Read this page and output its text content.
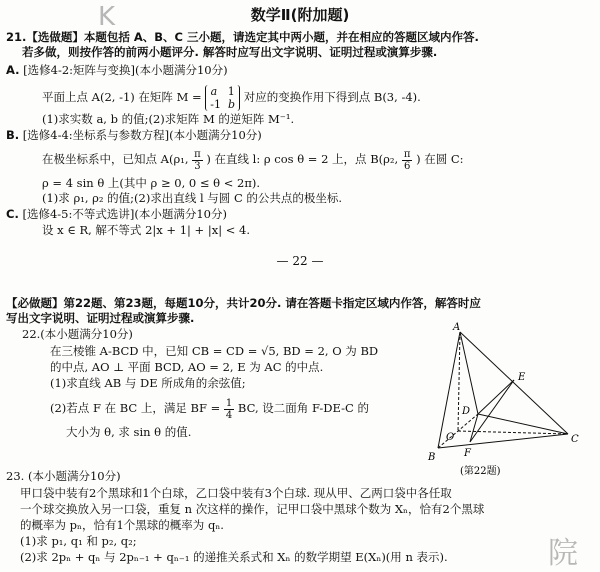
数学Ⅱ(附加题)
K
院
21.【选做题】本题包括 A、B、C 三小题，请选定其中两小题，并在相应的答题区域内作答.
若多做，则按作答的前两小题评分. 解答时应写出文字说明、证明过程或演算步骤.
A. [选修4-2:矩阵与变换](本小题满分10分)
平面上点 A(2, -1) 在矩阵 M = a 1
-1 b
对应的变换作用下得到点 B(3, -4).
(1)求实数 a, b 的值;(2)求矩阵 M 的逆矩阵 M⁻¹.
B. [选修4-4:坐标系与参数方程](本小题满分10分)
在极坐标系中，已知点 A(ρ₁, $\frac{\pi}{3}$ ) 在直线 l: ρ cos θ = 2 上，点 B(ρ₂, $\frac{\pi}{6}$ ) 在圆 C:
ρ = 4 sin θ 上(其中 ρ ≥ 0, 0 ≤ θ < 2π).
(1)求 ρ₁, ρ₂ 的值;(2)求出直线 l 与圆 C 的公共点的极坐标.
C. [选修4-5:不等式选讲](本小题满分10分)
设 x ∈ R, 解不等式 2|x + 1| + |x| < 4.
— 22 —
【必做题】第22题、第23题，每题10分，共计20分. 请在答题卡指定区域内作答，解答时应
写出文字说明、证明过程或演算步骤.
22.(本小题满分10分)
在三棱锥 A-BCD 中，已知 CB = CD = √5, BD = 2, O 为 BD
的中点, AO ⊥ 平面 BCD, AO = 2, E 为 AC 的中点.
(1)求直线 AB 与 DE 所成角的余弦值;
(2)若点 F 在 BC 上，满足 BF = $\frac{1}{4}$ BC, 设二面角 F-DE-C 的
大小为 θ, 求 sin θ 的值.
A
B
C
D
E
F
O
(第22题)
23. (本小题满分10分)
甲口袋中装有2个黑球和1个白球，乙口袋中装有3个白球. 现从甲、乙两口袋中各任取
一个球交换放入另一口袋，重复 n 次这样的操作，记甲口袋中黑球个数为 Xₙ，恰有2个黑球
的概率为 pₙ，恰有1个黑球的概率为 qₙ.
(1)求 p₁, q₁ 和 p₂, q₂;
(2)求 2pₙ + qₙ 与 2pₙ₋₁ + qₙ₋₁ 的递推关系式和 Xₙ 的数学期望 E(Xₙ)(用 n 表示).
